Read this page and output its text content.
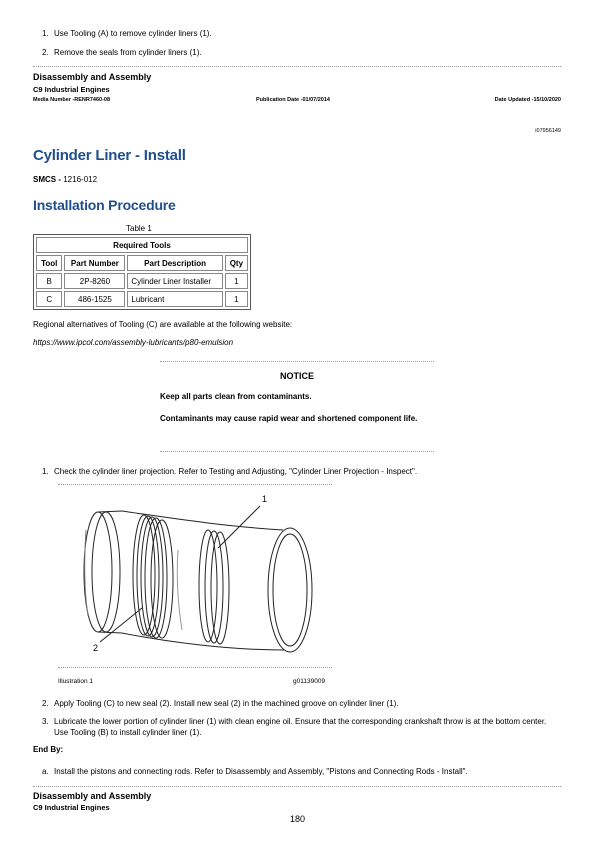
1. Use Tooling (A) to remove cylinder liners (1).
2. Remove the seals from cylinder liners (1).
Disassembly and Assembly
C9 Industrial Engines
Media Number -RENR7460-08	Publication Date -01/07/2014	Date Updated -15/10/2020
i07956149
Cylinder Liner - Install
SMCS - 1216-012
Installation Procedure
Table 1
Required Tools			
Tool	Part Number	Part Description	Qty
B	2P-8260	Cylinder Liner Installer	1
C	486-1525	Lubricant	1
Regional alternatives of Tooling (C) are available at the following website:
https://www.ipcol.com/assembly-lubricants/p80-emulsion
NOTICE
Keep all parts clean from contaminants.
Contaminants may cause rapid wear and shortened component life.
1. Check the cylinder liner projection. Refer to Testing and Adjusting, "Cylinder Liner Projection - Inspect".
1
2
Illustration 1	g01139009
2. Apply Tooling (C) to new seal (2). Install new seal (2) in the machined groove on cylinder liner (1).
3. Lubricate the lower portion of cylinder liner (1) with clean engine oil. Ensure that the corresponding crankshaft throw is at the bottom center. Use Tooling (B) to install cylinder liner (1).
End By:
a. Install the pistons and connecting rods. Refer to Disassembly and Assembly, "Pistons and Connecting Rods - Install".
Disassembly and Assembly
C9 Industrial Engines
180
